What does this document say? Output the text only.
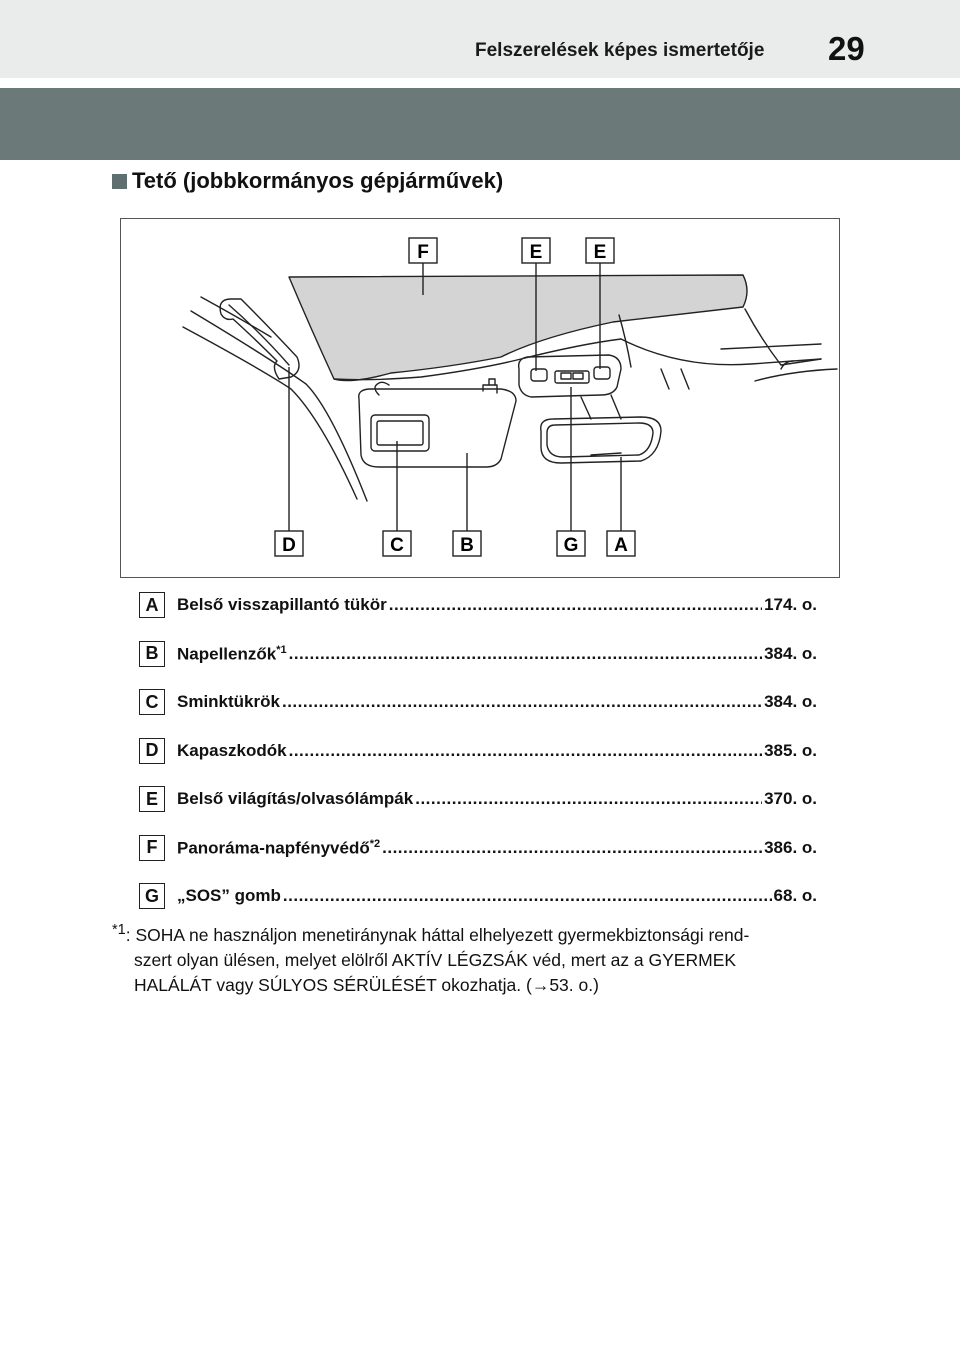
Felszerelések képes ismertetője 29
Tető (jobbkormányos gépjárművek)
F	E	E
D	C	B	G A
A	Belső visszapillantó tükör .....	174. o.
B	Napellenzők$^{*1}$ .....	384. o.
C	Sminktükrök .....	384. o.
D	Kapaszkodók .....	385. o.
E	Belső világítás/olvasólámpák .....	370. o.
F	Panoráma-napfényvédő$^{*2}$ .....	386. o.
G	„SOS” gomb .....	68. o.
$^{*1}$: SOHA ne használjon menetiránynak háttal elhelyezett gyermekbiztonsági rend-
szert olyan ülésen, melyet elölről AKTÍV LÉGZSÁK véd, mert az a GYERMEK
HALÁLÁT vagy SÚLYOS SÉRÜLÉSÉT okozhatja. (→53. o.)
